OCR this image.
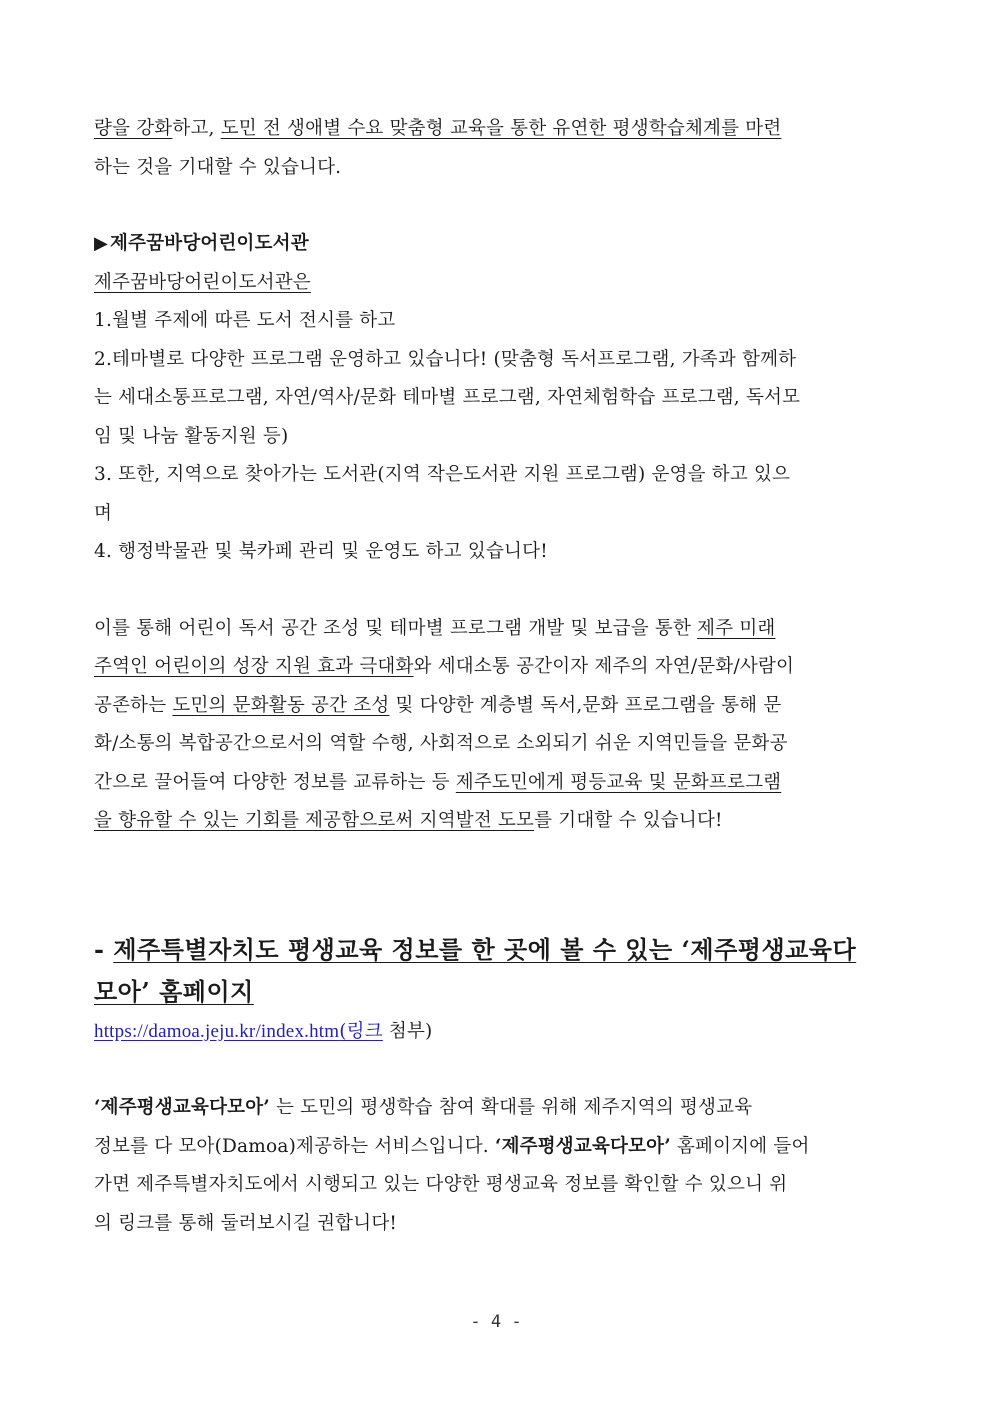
량을 강화하고, 도민 전 생애별 수요 맞춤형 교육을 통한 유연한 평생학습체계를 마련

하는 것을 기대할 수 있습니다.

▶ 제주꿈바당어린이도서관

제주꿈바당어린이도서관은

1.월별 주제에 따른 도서 전시를 하고

2.테마별로 다양한 프로그램 운영하고 있습니다! (맞춤형 독서프로그램, 가족과 함께하

는 세대소통프로그램, 자연/역사/문화 테마별 프로그램, 자연체험학습 프로그램, 독서모

임 및 나눔 활동지원 등)

3. 또한, 지역으로 찾아가는 도서관(지역 작은도서관 지원 프로그램) 운영을 하고 있으

며

4. 행정박물관 및 북카페 관리 및 운영도 하고 있습니다!

이를 통해 어린이 독서 공간 조성 및 테마별 프로그램 개발 및 보급을 통한 제주 미래

주역인 어린이의 성장 지원 효과 극대화와 세대소통 공간이자 제주의 자연/문화/사람이

공존하는 도민의 문화활동 공간 조성 및 다양한 계층별 독서,문화 프로그램을 통해 문

화/소통의 복합공간으로서의 역할 수행, 사회적으로 소외되기 쉬운 지역민들을 문화공

간으로 끌어들여 다양한 정보를 교류하는 등 제주도민에게 평등교육 및 문화프로그램

을 향유할 수 있는 기회를 제공함으로써 지역발전 도모를 기대할 수 있습니다!

- 제주특별자치도 평생교육 정보를 한 곳에 볼 수 있는 ‘제주평생교육다

모아’ 홈페이지

https://damoa.jeju.kr/index.htm(링크 첨부)

‘제주평생교육다모아’ 는 도민의 평생학습 참여 확대를 위해 제주지역의 평생교육

정보를 다 모아(Damoa)제공하는 서비스입니다. ‘제주평생교육다모아’ 홈페이지에 들어

가면 제주특별자치도에서 시행되고 있는 다양한 평생교육 정보를 확인할 수 있으니 위

의 링크를 통해 둘러보시길 권합니다!

- 4 -
